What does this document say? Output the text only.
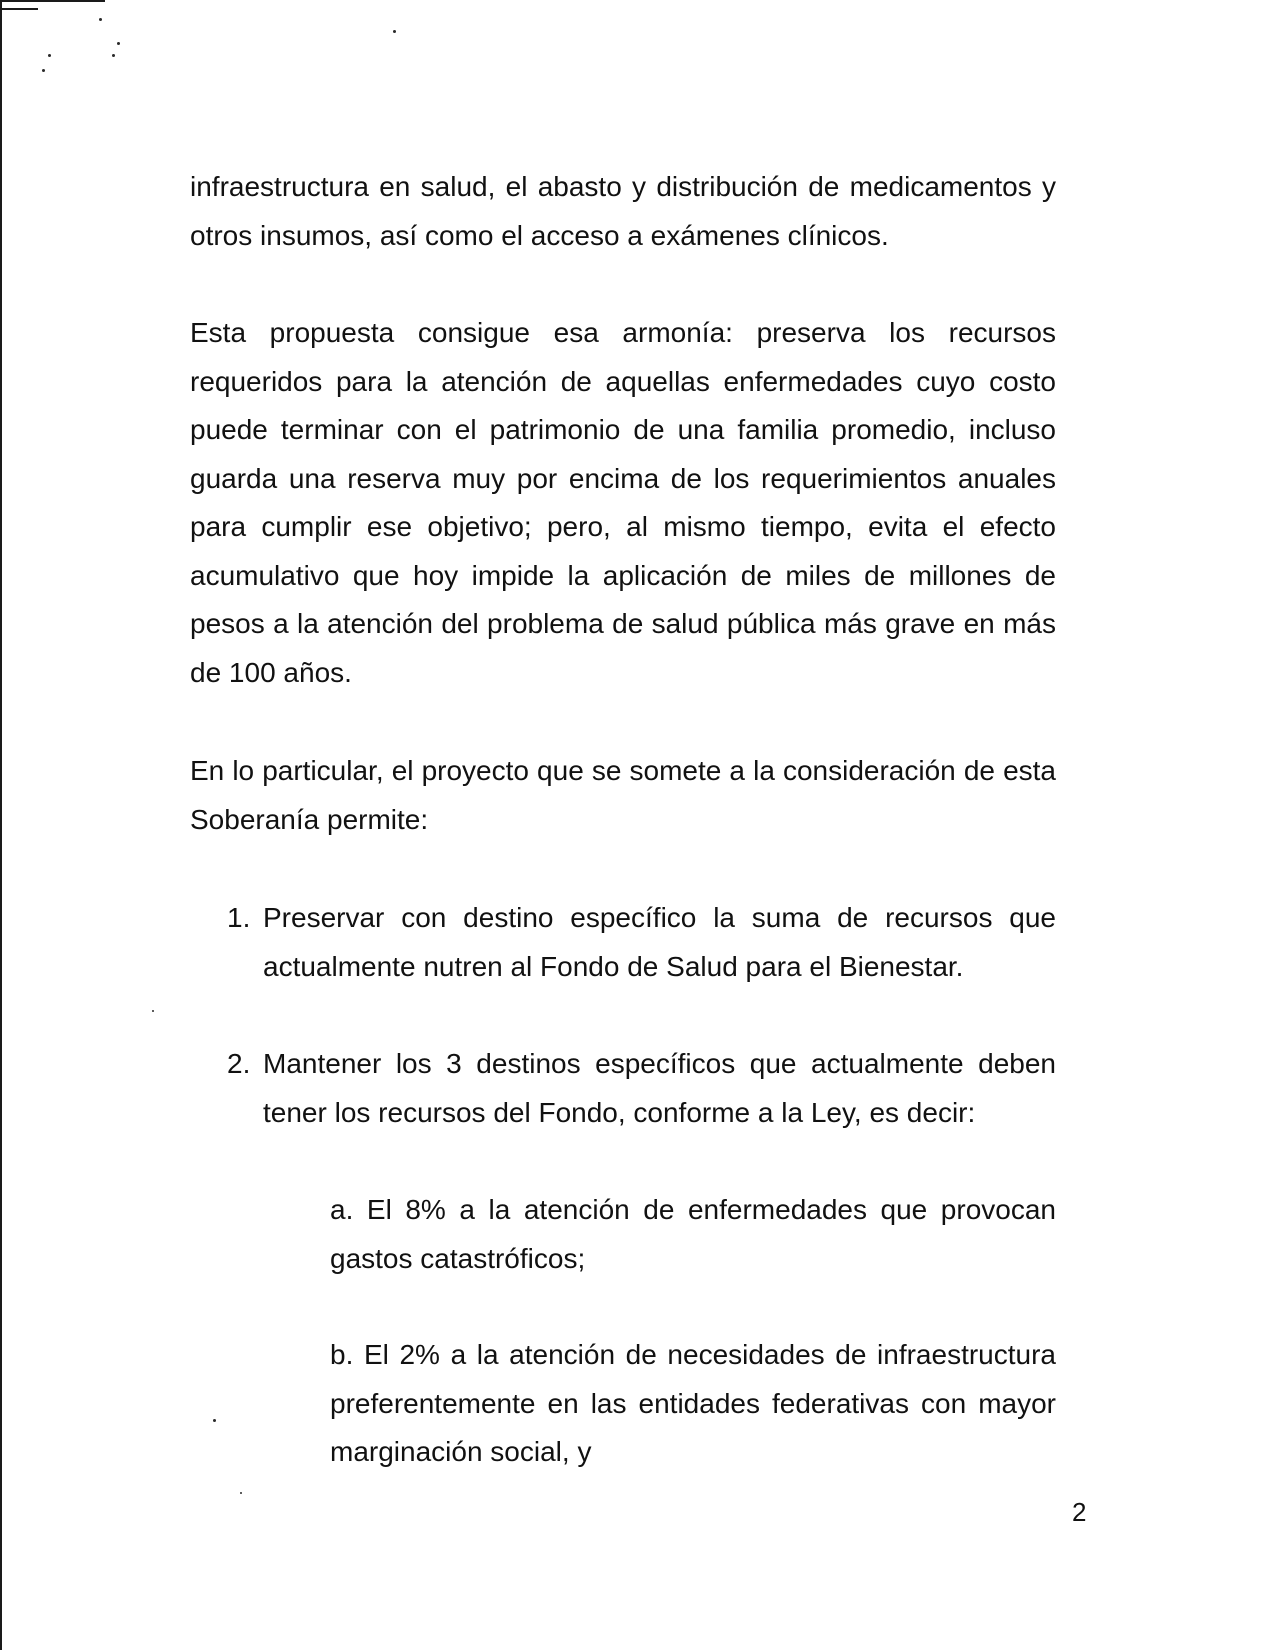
infraestructura en salud, el abasto y distribución de medicamentos y
otros insumos, así como el acceso a exámenes clínicos.
Esta propuesta consigue esa armonía: preserva los recursos
requeridos para la atención de aquellas enfermedades cuyo costo
puede terminar con el patrimonio de una familia promedio, incluso
guarda una reserva muy por encima de los requerimientos anuales
para cumplir ese objetivo; pero, al mismo tiempo, evita el efecto
acumulativo que hoy impide la aplicación de miles de millones de
pesos a la atención del problema de salud pública más grave en más
de 100 años.
En lo particular, el proyecto que se somete a la consideración de esta
Soberanía permite:
1. Preservar con destino específico la suma de recursos que
actualmente nutren al Fondo de Salud para el Bienestar.
2. Mantener los 3 destinos específicos que actualmente deben
tener los recursos del Fondo, conforme a la Ley, es decir:
a. El 8% a la atención de enfermedades que provocan
gastos catastróficos;
b. El 2% a la atención de necesidades de infraestructura
preferentemente en las entidades federativas con mayor
marginación social, y
2
